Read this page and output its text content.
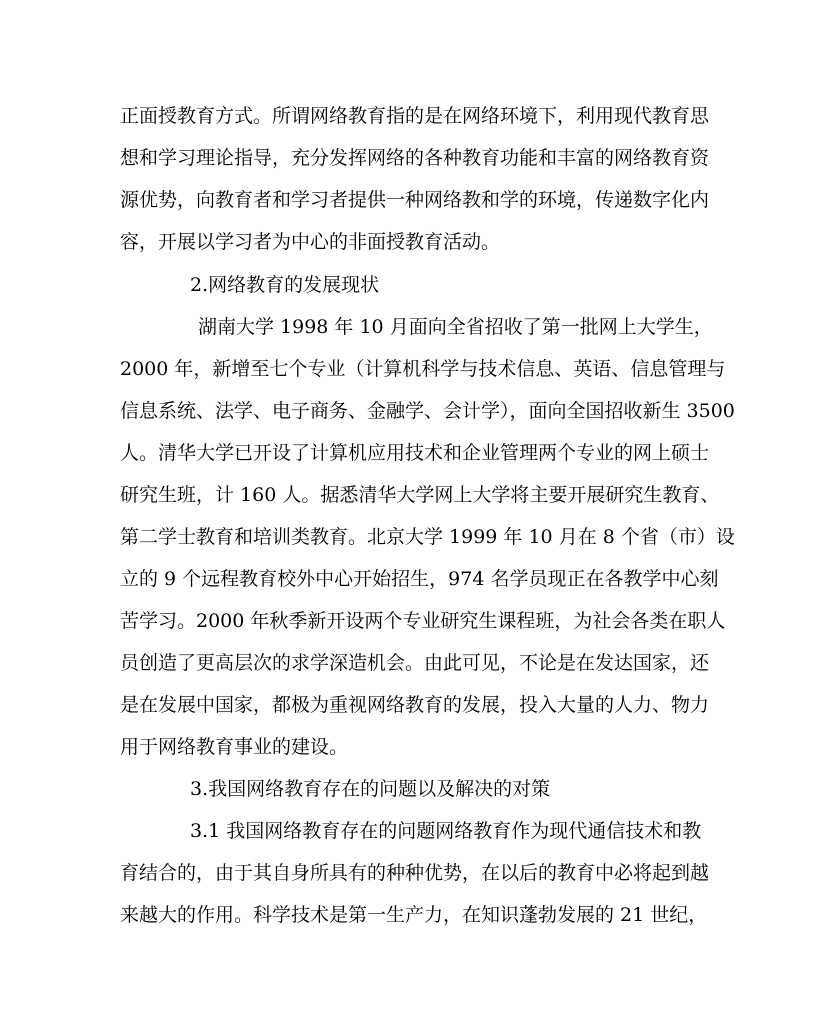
正面授教育方式。所谓网络教育指的是在网络环境下，利用现代教育思
想和学习理论指导，充分发挥网络的各种教育功能和丰富的网络教育资
源优势，向教育者和学习者提供一种网络教和学的环境，传递数字化内
容，开展以学习者为中心的非面授教育活动。
2.网络教育的发展现状
湖南大学 1998 年 10 月面向全省招收了第一批网上大学生，
2000 年，新增至七个专业（计算机科学与技术信息、英语、信息管理与
信息系统、法学、电子商务、金融学、会计学），面向全国招收新生 3500
人。清华大学已开设了计算机应用技术和企业管理两个专业的网上硕士
研究生班，计 160 人。据悉清华大学网上大学将主要开展研究生教育、
第二学士教育和培训类教育。北京大学 1999 年 10 月在 8 个省（市）设
立的 9 个远程教育校外中心开始招生，974 名学员现正在各教学中心刻
苦学习。2000 年秋季新开设两个专业研究生课程班，为社会各类在职人
员创造了更高层次的求学深造机会。由此可见，不论是在发达国家，还
是在发展中国家，都极为重视网络教育的发展，投入大量的人力、物力
用于网络教育事业的建设。
3.我国网络教育存在的问题以及解决的对策
3.1 我国网络教育存在的问题网络教育作为现代通信技术和教
育结合的，由于其自身所具有的种种优势，在以后的教育中必将起到越
来越大的作用。科学技术是第一生产力，在知识蓬勃发展的 21 世纪，
